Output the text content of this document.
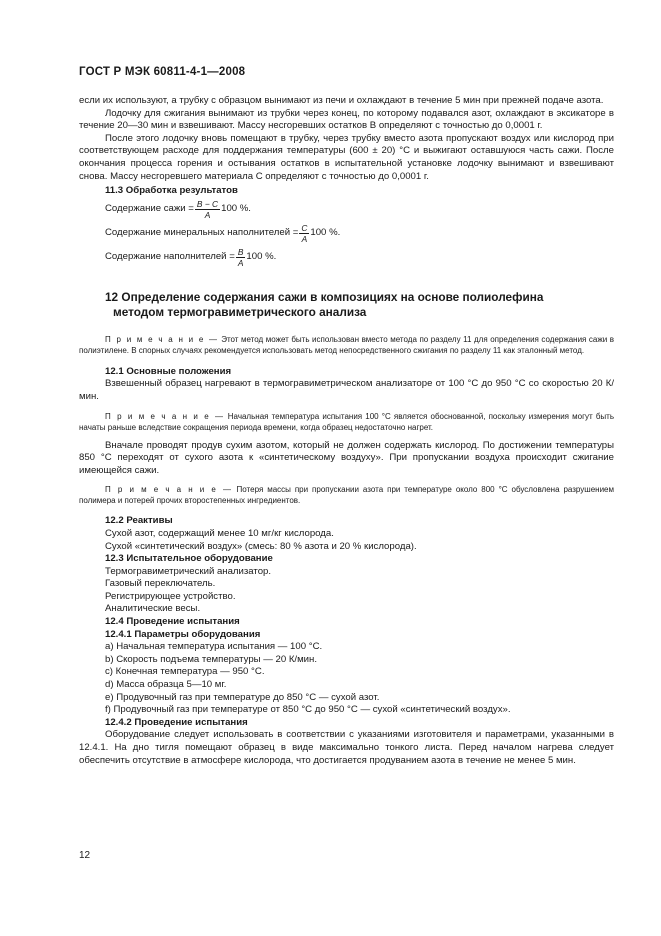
ГОСТ Р МЭК 60811-4-1—2008

если их используют, а трубку с образцом вынимают из печи и охлаждают в течение 5 мин при прежней подаче азота.

Лодочку для сжигания вынимают из трубки через конец, по которому подавался азот, охлаждают в эксикаторе в течение 20—30 мин и взвешивают. Массу несгоревших остатков В определяют с точностью до 0,0001 г.

После этого лодочку вновь помещают в трубку, через трубку вместо азота пропускают воздух или кислород при соответствующем расходе для поддержания температуры (600 ± 20) °С и выжигают оставшуюся часть сажи. После окончания процесса горения и остывания остатков в испытательной установке лодочку вынимают и взвешивают снова. Массу несгоревшего материала С определяют с точностью до 0,0001 г.

11.3 Обработка результатов

Содержание сажи = $\frac{B - C}{A} 100$ %.
Содержание минеральных наполнителей = $\frac{C}{A} 100$ %.
Содержание наполнителей = $\frac{B}{A} 100$ %.
12 Определение содержания сажи в композициях на основе полиолефина
методом термогравиметрического анализа

П р и м е ч а н и е — Этот метод может быть использован вместо метода по разделу 11 для определения содержания сажи в полиэтилене. В спорных случаях рекомендуется использовать метод непосредственного сжигания по разделу 11 как эталонный метод.

12.1 Основные положения

Взвешенный образец нагревают в термогравиметрическом анализаторе от 100 °С до 950 °С со скоростью 20 К/мин.

П р и м е ч а н и е — Начальная температура испытания 100 °С является обоснованной, поскольку измерения могут быть начаты раньше вследствие сокращения периода времени, когда образец недостаточно нагрет.

Вначале проводят продув сухим азотом, который не должен содержать кислород. По достижении температуры 850 °С переходят от сухого азота к «синтетическому воздуху». При пропускании воздуха происходит сжигание имеющейся сажи.

П р и м е ч а н и е — Потеря массы при пропускании азота при температуре около 800 °С обусловлена разрушением полимера и потерей прочих второстепенных ингредиентов.

12.2 Реактивы

Сухой азот, содержащий менее 10 мг/кг кислорода.

Сухой «синтетический воздух» (смесь: 80 % азота и 20 % кислорода).

12.3 Испытательное оборудование

Термогравиметрический анализатор.

Газовый переключатель.

Регистрирующее устройство.

Аналитические весы.

12.4 Проведение испытания

12.4.1 Параметры оборудования

a) Начальная температура испытания — 100 °С.

b) Скорость подъема температуры — 20 К/мин.

c) Конечная температура — 950 °С.

d) Масса образца 5—10 мг.

e) Продувочный газ при температуре до 850 °С — сухой азот.

f) Продувочный газ при температуре от 850 °С до 950 °С — сухой «синтетический воздух».

12.4.2 Проведение испытания

Оборудование следует использовать в соответствии с указаниями изготовителя и параметрами, указанными в 12.4.1. На дно тигля помещают образец в виде максимально тонкого листа. Перед началом нагрева следует обеспечить отсутствие в атмосфере кислорода, что достигается продуванием азота в течение не менее 5 мин.

12
